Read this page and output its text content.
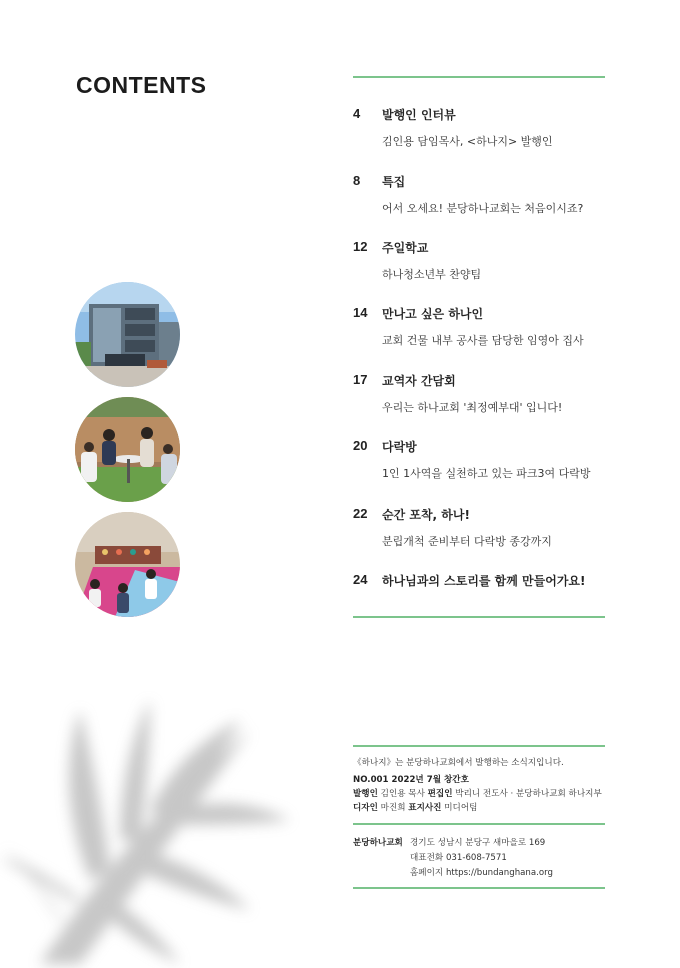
CONTENTS
4 발행인 인터뷰
김인용 담임목사, <하나지> 발행인
8 특집
어서 오세요! 분당하나교회는 처음이시죠?
12 주일학교
하나청소년부 찬양팀
14 만나고 싶은 하나인
교회 건물 내부 공사를 담당한 임영아 집사
17 교역자 간담회
우리는 하나교회 '최정예부대' 입니다!
20 다락방
1인 1사역을 실천하고 있는 파크3여 다락방
22 순간 포착, 하나!
분립개척 준비부터 다락방 종강까지
24 하나님과의 스토리를 함께 만들어가요!
《하나지》는 분당하나교회에서 발행하는 소식지입니다.
NO.001 2022년 7월 창간호
발행인 김인용 목사 편집인 박리니 전도사 · 분당하나교회 하나지부
디자인 마진희 표지사진 미디어팀
분당하나교회 경기도 성남시 분당구 새마을로 169
대표전화 031-608-7571
홈페이지 https://bundanghana.org
